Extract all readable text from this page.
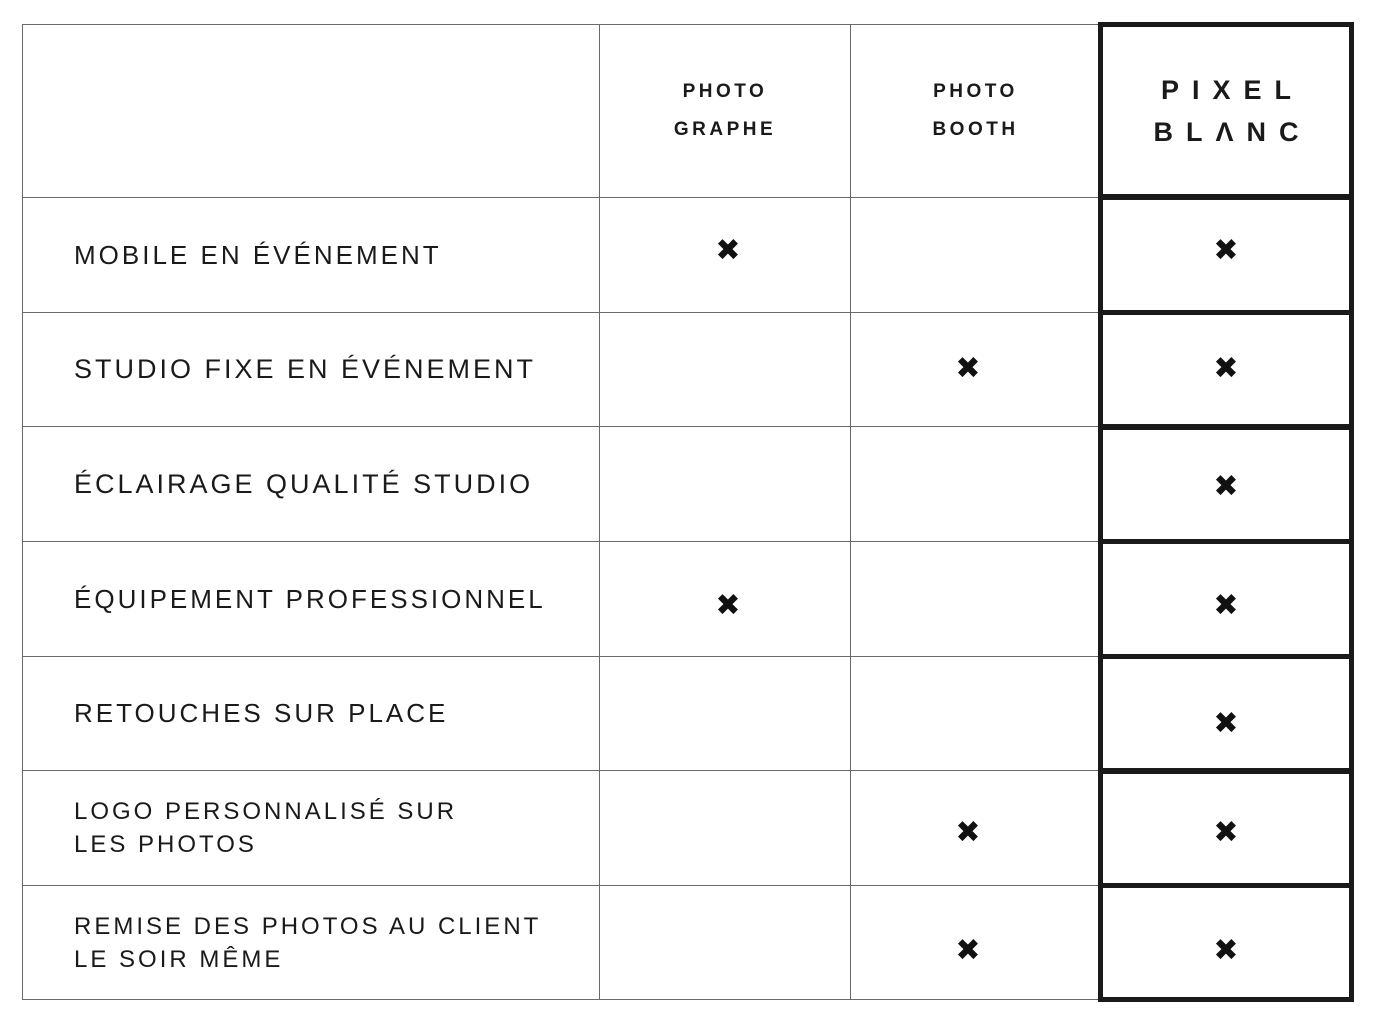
PHOTO
GRAPHE
PHOTO
BOOTH
PIXEL
BLΛNC
MOBILE EN ÉVÉNEMENT
STUDIO FIXE EN ÉVÉNEMENT
ÉCLAIRAGE QUALITÉ STUDIO
ÉQUIPEMENT PROFESSIONNEL
RETOUCHES SUR PLACE
LOGO PERSONNALISÉ SUR
LES PHOTOS
REMISE DES PHOTOS AU CLIENT
LE SOIR MÊME
✖
✖
✖
✖
✖
✖
✖
✖
✖
✖
✖
✖
